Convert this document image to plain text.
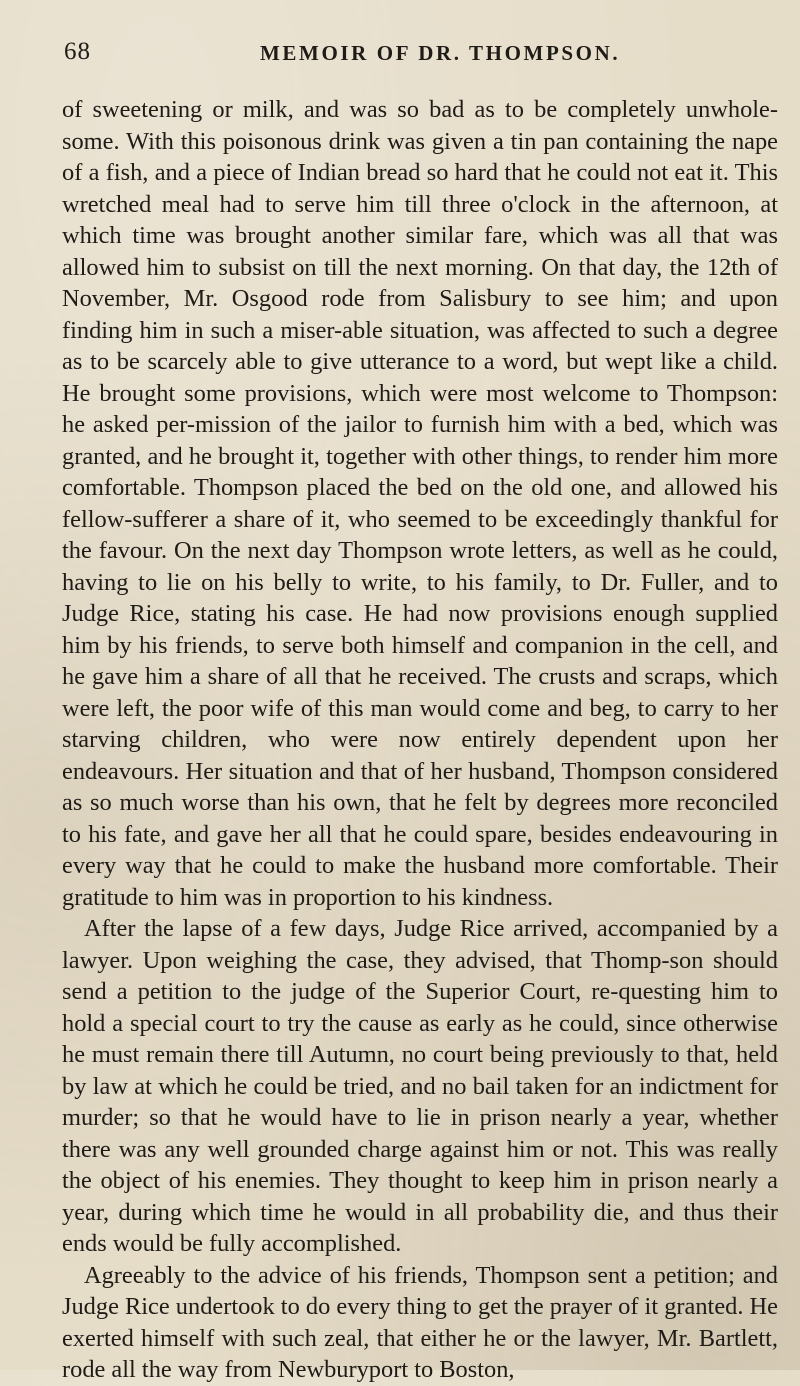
68	MEMOIR OF DR. THOMPSON.

of sweetening or milk, and was so bad as to be completely unwhole-some. With this poisonous drink was given a tin pan containing the nape of a fish, and a piece of Indian bread so hard that he could not eat it. This wretched meal had to serve him till three o'clock in the afternoon, at which time was brought another similar fare, which was all that was allowed him to subsist on till the next morning. On that day, the 12th of November, Mr. Osgood rode from Salisbury to see him; and upon finding him in such a miser-able situation, was affected to such a degree as to be scarcely able to give utterance to a word, but wept like a child. He brought some provisions, which were most welcome to Thompson: he asked per-mission of the jailor to furnish him with a bed, which was granted, and he brought it, together with other things, to render him more comfortable. Thompson placed the bed on the old one, and allowed his fellow-sufferer a share of it, who seemed to be exceedingly thankful for the favour. On the next day Thompson wrote letters, as well as he could, having to lie on his belly to write, to his family, to Dr. Fuller, and to Judge Rice, stating his case. He had now provisions enough supplied him by his friends, to serve both himself and companion in the cell, and he gave him a share of all that he received. The crusts and scraps, which were left, the poor wife of this man would come and beg, to carry to her starving children, who were now entirely dependent upon her endeavours. Her situation and that of her husband, Thompson considered as so much worse than his own, that he felt by degrees more reconciled to his fate, and gave her all that he could spare, besides endeavouring in every way that he could to make the husband more comfortable. Their gratitude to him was in proportion to his kindness.

After the lapse of a few days, Judge Rice arrived, accompanied by a lawyer. Upon weighing the case, they advised, that Thomp-son should send a petition to the judge of the Superior Court, re-questing him to hold a special court to try the cause as early as he could, since otherwise he must remain there till Autumn, no court being previously to that, held by law at which he could be tried, and no bail taken for an indictment for murder; so that he would have to lie in prison nearly a year, whether there was any well grounded charge against him or not. This was really the object of his enemies. They thought to keep him in prison nearly a year, during which time he would in all probability die, and thus their ends would be fully accomplished.

Agreeably to the advice of his friends, Thompson sent a petition; and Judge Rice undertook to do every thing to get the prayer of it granted. He exerted himself with such zeal, that either he or the lawyer, Mr. Bartlett, rode all the way from Newburyport to Boston,
